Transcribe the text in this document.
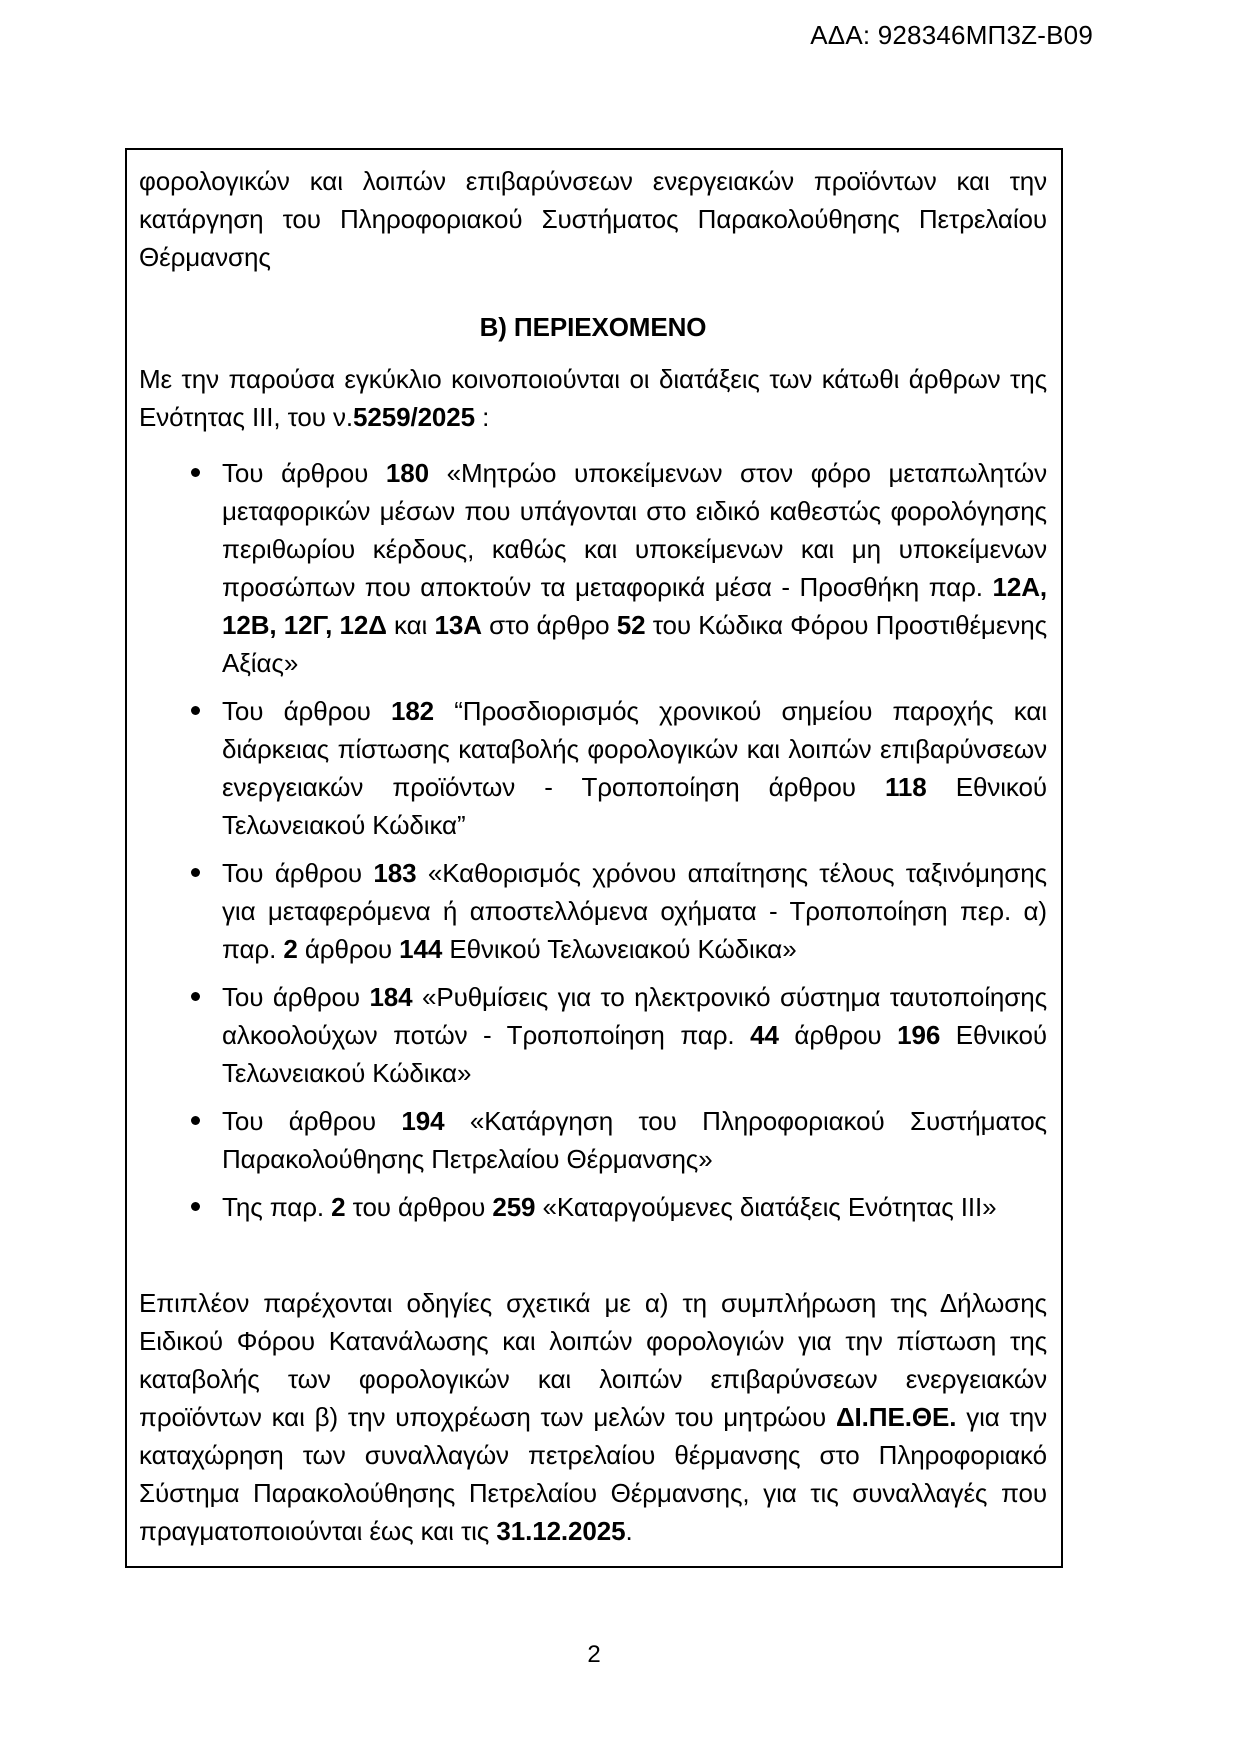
ΑΔΑ: 928346ΜΠ3Ζ-Β09

φορολογικών και λοιπών επιβαρύνσεων ενεργειακών προϊόντων και την κατάργηση του Πληροφοριακού Συστήματος Παρακολούθησης Πετρελαίου Θέρμανσης

Β) ΠΕΡΙΕΧΟΜΕΝΟ

Με την παρούσα εγκύκλιο κοινοποιούνται οι διατάξεις των κάτωθι άρθρων της Ενότητας ΙΙΙ, του ν.5259/2025 :

Του άρθρου 180 «Μητρώο υποκείμενων στον φόρο μεταπωλητών μεταφορικών μέσων που υπάγονται στο ειδικό καθεστώς φορολόγησης περιθωρίου κέρδους, καθώς και υποκείμενων και μη υποκείμενων προσώπων που αποκτούν τα μεταφορικά μέσα - Προσθήκη παρ. 12Α, 12Β, 12Γ, 12Δ και 13Α στο άρθρο 52 του Κώδικα Φόρου Προστιθέμενης Αξίας»
Του άρθρου 182 “Προσδιορισμός χρονικού σημείου παροχής και διάρκειας πίστωσης καταβολής φορολογικών και λοιπών επιβαρύνσεων ενεργειακών προϊόντων - Τροποποίηση άρθρου 118 Εθνικού Τελωνειακού Κώδικα”
Του άρθρου 183 «Καθορισμός χρόνου απαίτησης τέλους ταξινόμησης για μεταφερόμενα ή αποστελλόμενα οχήματα - Τροποποίηση περ. α) παρ. 2 άρθρου 144 Εθνικού Τελωνειακού Κώδικα»
Του άρθρου 184 «Ρυθμίσεις για το ηλεκτρονικό σύστημα ταυτοποίησης αλκοολούχων ποτών - Τροποποίηση παρ. 44 άρθρου 196 Εθνικού Τελωνειακού Κώδικα»
Του άρθρου 194 «Κατάργηση του Πληροφοριακού Συστήματος Παρακολούθησης Πετρελαίου Θέρμανσης»
Της παρ. 2 του άρθρου 259 «Καταργούμενες διατάξεις Ενότητας ΙΙΙ»

Επιπλέον παρέχονται οδηγίες σχετικά με α) τη συμπλήρωση της Δήλωσης Ειδικού Φόρου Κατανάλωσης και λοιπών φορολογιών για την πίστωση της καταβολής των φορολογικών και λοιπών επιβαρύνσεων ενεργειακών προϊόντων και β) την υποχρέωση των μελών του μητρώου ΔΙ.ΠΕ.ΘΕ. για την καταχώρηση των συναλλαγών πετρελαίου θέρμανσης στο Πληροφοριακό Σύστημα Παρακολούθησης Πετρελαίου Θέρμανσης, για τις συναλλαγές που πραγματοποιούνται έως και τις 31.12.2025.

2
